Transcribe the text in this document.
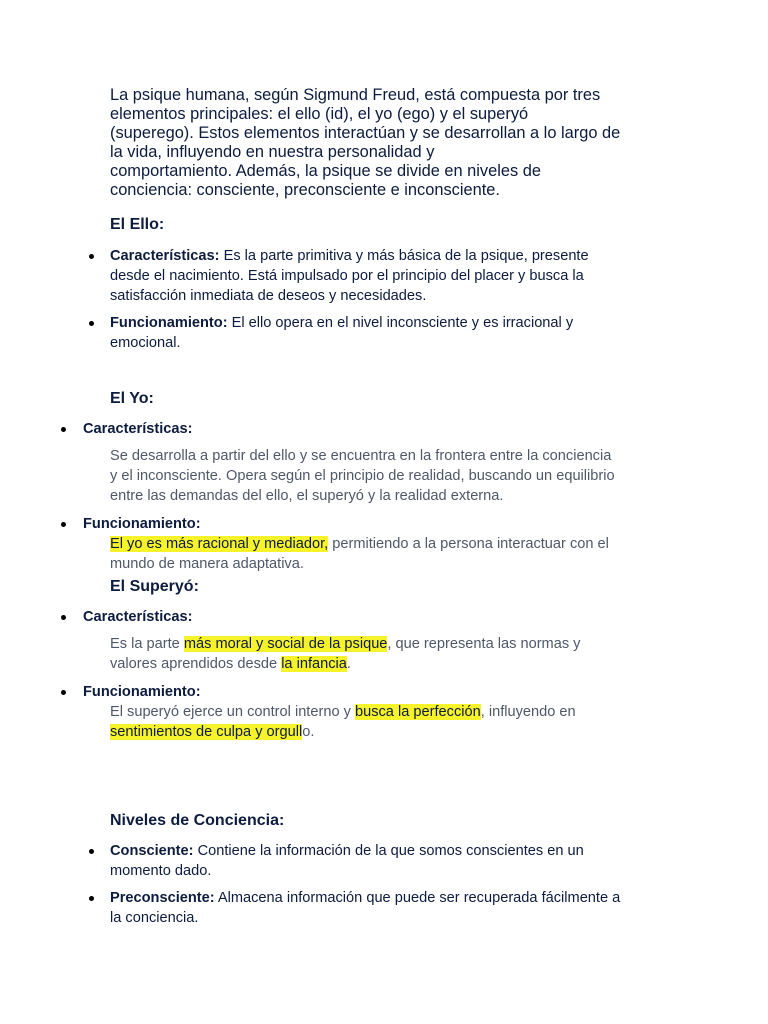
La psique humana, según Sigmund Freud, está compuesta por tres
elementos principales: el ello (id), el yo (ego) y el superyó
(superego). Estos elementos interactúan y se desarrollan a lo largo de
la vida, influyendo en nuestra personalidad y
comportamiento. Además, la psique se divide en niveles de
conciencia: consciente, preconsciente e inconsciente.

El Ello:
Características: Es la parte primitiva y más básica de la psique, presente
desde el nacimiento. Está impulsado por el principio del placer y busca la
satisfacción inmediata de deseos y necesidades.
Funcionamiento: El ello opera en el nivel inconsciente y es irracional y
emocional.
El Yo:
Características:
Se desarrolla a partir del ello y se encuentra en la frontera entre la conciencia
y el inconsciente. Opera según el principio de realidad, buscando un equilibrio
entre las demandas del ello, el superyó y la realidad externa.
Funcionamiento:
El yo es más racional y mediador, permitiendo a la persona interactuar con el
mundo de manera adaptativa.
El Superyó:
Características:
Es la parte más moral y social de la psique, que representa las normas y
valores aprendidos desde la infancia.
Funcionamiento:
El superyó ejerce un control interno y busca la perfección, influyendo en
sentimientos de culpa y orgullo.
Niveles de Conciencia:
Consciente: Contiene la información de la que somos conscientes en un
momento dado.
Preconsciente: Almacena información que puede ser recuperada fácilmente a
la conciencia.
